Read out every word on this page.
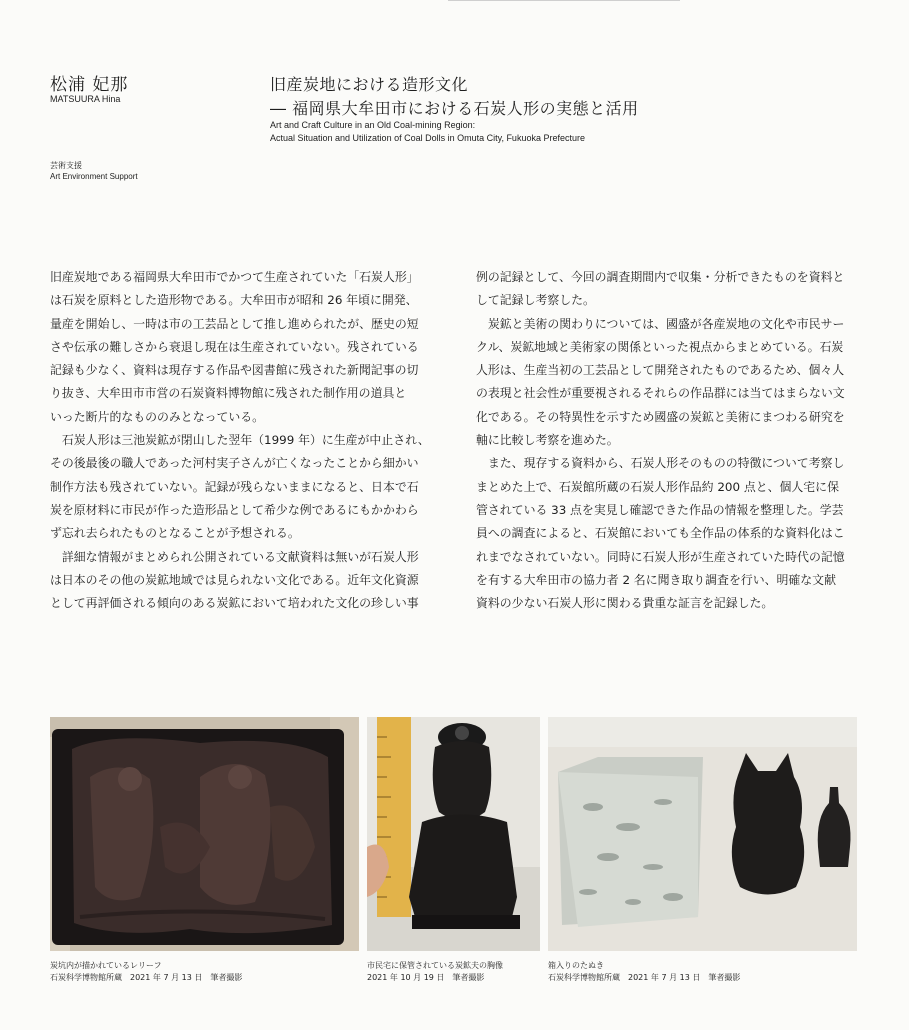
松浦 妃那
MATSUURA Hina
旧産炭地における造形文化
― 福岡県大牟田市における石炭人形の実態と活用
Art and Craft Culture in an Old Coal-mining Region:
Actual Situation and Utilization of Coal Dolls in Omuta City, Fukuoka Prefecture
芸術支援
Art Environment Support

旧産炭地である福岡県大牟田市でかつて生産されていた「石炭人形」

は石炭を原料とした造形物である。大牟田市が昭和 26 年頃に開発、

量産を開始し、一時は市の工芸品として推し進められたが、歴史の短

さや伝承の難しさから衰退し現在は生産されていない。残されている

記録も少なく、資料は現存する作品や図書館に残された新聞記事の切

り抜き、大牟田市市営の石炭資料博物館に残された制作用の道具と

いった断片的なもののみとなっている。

　石炭人形は三池炭鉱が閉山した翌年（1999 年）に生産が中止され、

その後最後の職人であった河村実子さんが亡くなったことから細かい

制作方法も残されていない。記録が残らないままになると、日本で石

炭を原材料に市民が作った造形品として希少な例であるにもかかわら

ず忘れ去られたものとなることが予想される。

　詳細な情報がまとめられ公開されている文献資料は無いが石炭人形

は日本のその他の炭鉱地域では見られない文化である。近年文化資源

として再評価される傾向のある炭鉱において培われた文化の珍しい事

例の記録として、今回の調査期間内で収集・分析できたものを資料と

して記録し考察した。

　炭鉱と美術の関わりについては、國盛が各産炭地の文化や市民サー

クル、炭鉱地域と美術家の関係といった視点からまとめている。石炭

人形は、生産当初の工芸品として開発されたものであるため、個々人

の表現と社会性が重要視されるそれらの作品群には当てはまらない文

化である。その特異性を示すため國盛の炭鉱と美術にまつわる研究を

軸に比較し考察を進めた。

　また、現存する資料から、石炭人形そのものの特徴について考察し

まとめた上で、石炭館所蔵の石炭人形作品約 200 点と、個人宅に保

管されている 33 点を実見し確認できた作品の情報を整理した。学芸

員への調査によると、石炭館においても全作品の体系的な資料化はこ

れまでなされていない。同時に石炭人形が生産されていた時代の記憶

を有する大牟田市の協力者 2 名に聞き取り調査を行い、明確な文献

資料の少ない石炭人形に関わる貴重な証言を記録した。

炭坑内が描かれているレリーフ
石炭科学博物館所蔵　2021 年 7 月 13 日　筆者撮影
市民宅に保管されている炭鉱夫の胸像
2021 年 10 月 19 日　筆者撮影
箱入りのたぬき
石炭科学博物館所蔵　2021 年 7 月 13 日　筆者撮影
